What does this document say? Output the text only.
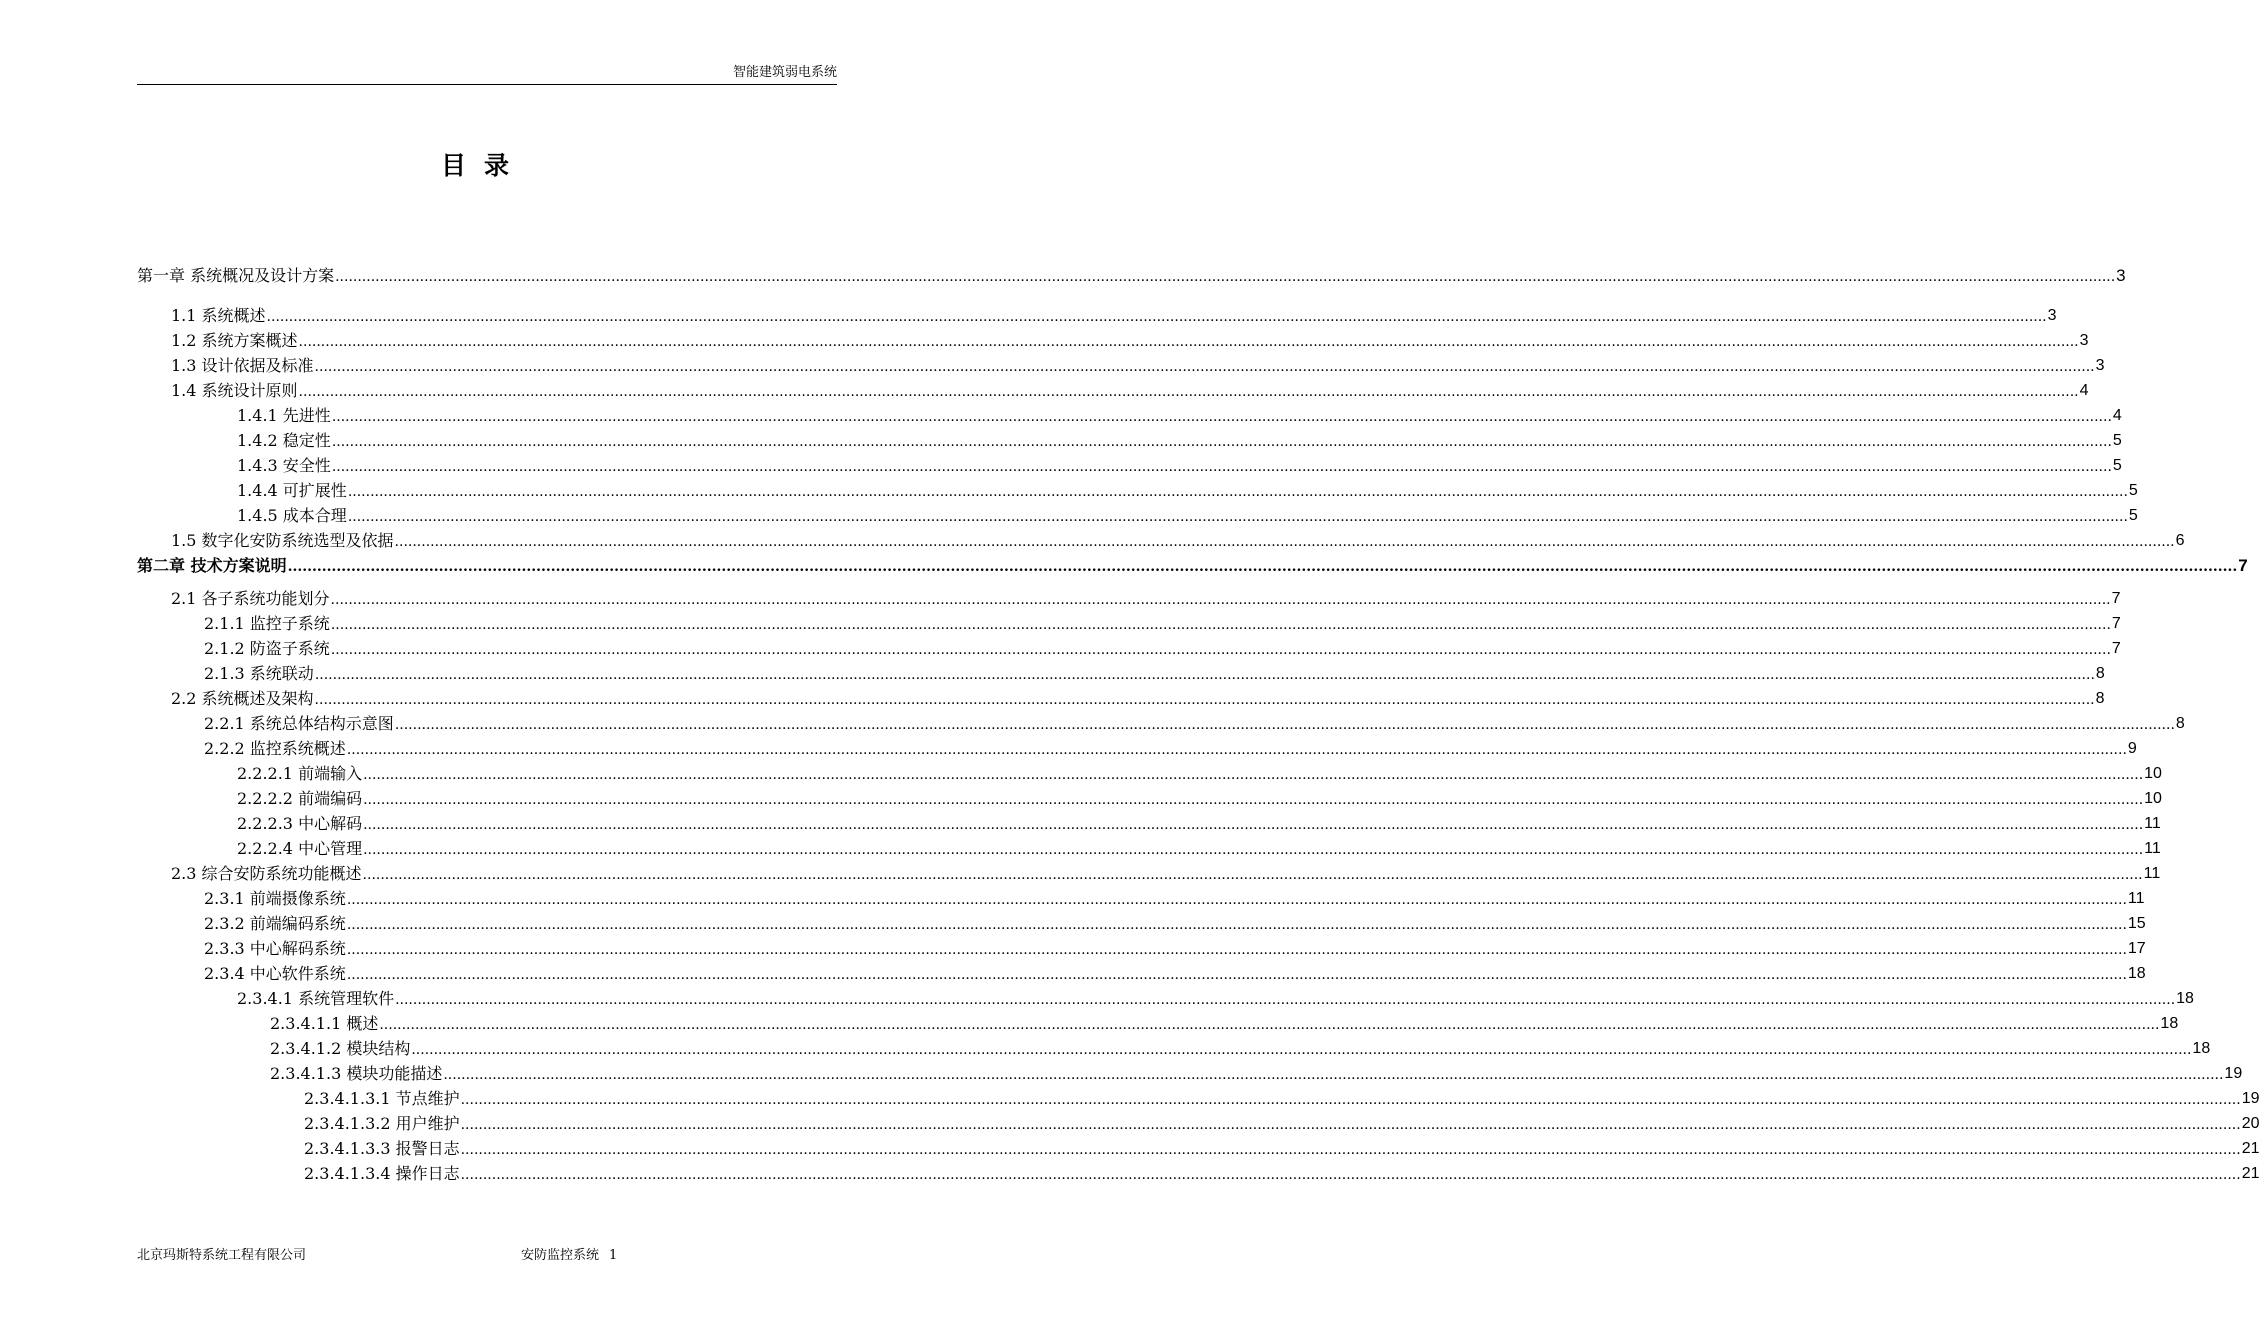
智能建筑弱电系统
目录
第一章 系统概况及设计方案 ................................................................................................................................................................................................................................................................................................................................................................................................................ 3
1.1 系统概述 ................................................................................................................................................................................................................................................................................................................................................................................................................ 3
1.2 系统方案概述 ................................................................................................................................................................................................................................................................................................................................................................................................................ 3
1.3 设计依据及标准 ................................................................................................................................................................................................................................................................................................................................................................................................................ 3
1.4 系统设计原则 ................................................................................................................................................................................................................................................................................................................................................................................................................ 4
1.4.1 先进性 ................................................................................................................................................................................................................................................................................................................................................................................................................ 4
1.4.2 稳定性 ................................................................................................................................................................................................................................................................................................................................................................................................................ 5
1.4.3 安全性 ................................................................................................................................................................................................................................................................................................................................................................................................................ 5
1.4.4 可扩展性 ................................................................................................................................................................................................................................................................................................................................................................................................................ 5
1.4.5 成本合理 ................................................................................................................................................................................................................................................................................................................................................................................................................ 5
1.5 数字化安防系统选型及依据 ................................................................................................................................................................................................................................................................................................................................................................................................................ 6
第二章 技术方案说明 ................................................................................................................................................................................................................................................................................................................................................................................................................ 7
2.1 各子系统功能划分 ................................................................................................................................................................................................................................................................................................................................................................................................................ 7
2.1.1 监控子系统 ................................................................................................................................................................................................................................................................................................................................................................................................................ 7
2.1.2 防盗子系统 ................................................................................................................................................................................................................................................................................................................................................................................................................ 7
2.1.3 系统联动 ................................................................................................................................................................................................................................................................................................................................................................................................................ 8
2.2 系统概述及架构 ................................................................................................................................................................................................................................................................................................................................................................................................................ 8
2.2.1 系统总体结构示意图 ................................................................................................................................................................................................................................................................................................................................................................................................................ 8
2.2.2 监控系统概述 ................................................................................................................................................................................................................................................................................................................................................................................................................ 9
2.2.2.1 前端输入 ................................................................................................................................................................................................................................................................................................................................................................................................................ 10
2.2.2.2 前端编码 ................................................................................................................................................................................................................................................................................................................................................................................................................ 10
2.2.2.3 中心解码 ................................................................................................................................................................................................................................................................................................................................................................................................................ 11
2.2.2.4 中心管理 ................................................................................................................................................................................................................................................................................................................................................................................................................ 11
2.3 综合安防系统功能概述 ................................................................................................................................................................................................................................................................................................................................................................................................................ 11
2.3.1 前端摄像系统 ................................................................................................................................................................................................................................................................................................................................................................................................................ 11
2.3.2 前端编码系统 ................................................................................................................................................................................................................................................................................................................................................................................................................ 15
2.3.3 中心解码系统 ................................................................................................................................................................................................................................................................................................................................................................................................................ 17
2.3.4 中心软件系统 ................................................................................................................................................................................................................................................................................................................................................................................................................ 18
2.3.4.1 系统管理软件 ................................................................................................................................................................................................................................................................................................................................................................................................................ 18
2.3.4.1.1 概述 ................................................................................................................................................................................................................................................................................................................................................................................................................ 18
2.3.4.1.2 模块结构 ................................................................................................................................................................................................................................................................................................................................................................................................................ 18
2.3.4.1.3 模块功能描述 ................................................................................................................................................................................................................................................................................................................................................................................................................ 19
2.3.4.1.3.1 节点维护 ................................................................................................................................................................................................................................................................................................................................................................................................................ 19
2.3.4.1.3.2 用户维护 ................................................................................................................................................................................................................................................................................................................................................................................................................ 20
2.3.4.1.3.3 报警日志 ................................................................................................................................................................................................................................................................................................................................................................................................................ 21
2.3.4.1.3.4 操作日志 ................................................................................................................................................................................................................................................................................................................................................................................................................ 21
北京玛斯特系统工程有限公司	安防监控系统 1
